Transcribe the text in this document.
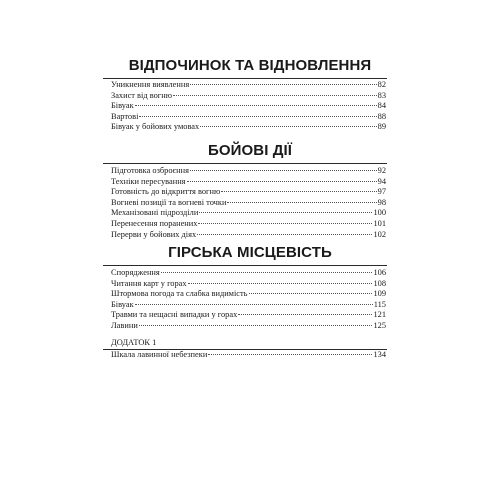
ВІДПОЧИНОК ТА ВІДНОВЛЕННЯ
Уникнення виявлення	82
Захист від вогню	83
Бівуак	84
Вартові	88
Бівуак у бойових умовах	89
БОЙОВІ ДІЇ
Підготовка озброєння	92
Техніки пересування	94
Готовність до відкриття вогню	97
Вогневі позиції та вогневі точки	98
Механізовані підрозділи	100
Перенесення поранених	101
Перерви у бойових діях	102
ГІРСЬКА МІСЦЕВІСТЬ
Спорядження	106
Читання карт у горах	108
Штормова погода та слабка видимість	109
Бівуак	115
Травми та нещасні випадки у горах	121
Лавини	125

ДОДАТОК 1

Шкала лавинної небезпеки	134
